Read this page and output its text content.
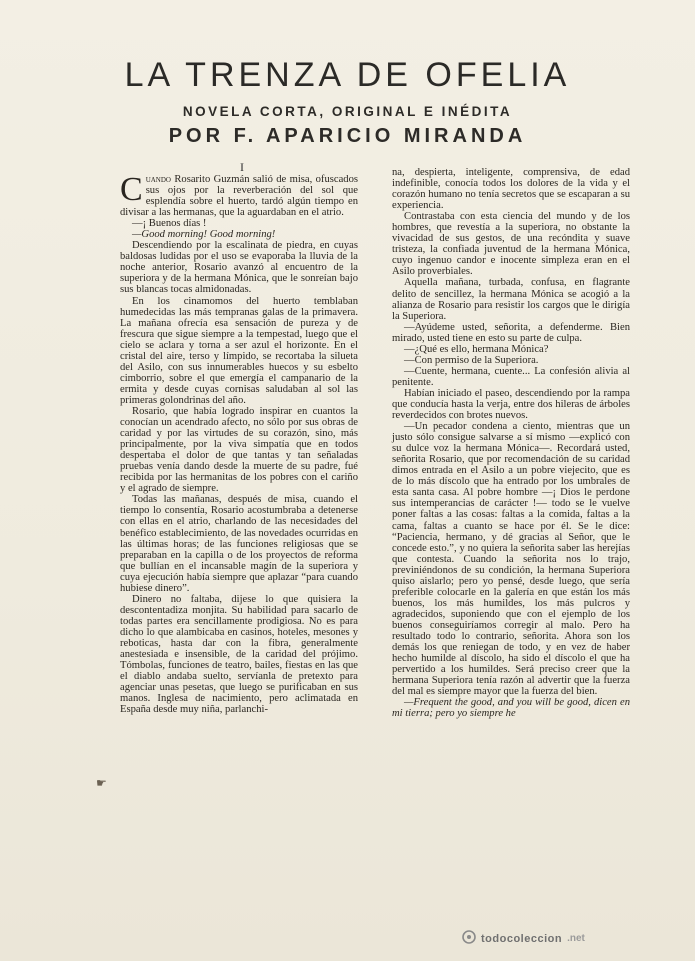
LA TRENZA DE OFELIA
NOVELA CORTA, ORIGINAL E INÉDITA
POR F. APARICIO MIRANDA
I

Cuando Rosarito Guzmán salió de misa, ofuscados sus ojos por la reverberación del sol que esplendía sobre el huerto, tardó algún tiempo en divisar a las hermanas, que la aguardaban en el atrio.

—¡ Buenos días !

—Good morning! Good morning!

Descendiendo por la escalinata de piedra, en cuyas baldosas ludidas por el uso se evaporaba la lluvia de la noche anterior, Rosario avanzó al encuentro de la superiora y de la hermana Mónica, que le sonreían bajo sus blancas tocas almidonadas.

En los cinamomos del huerto temblaban humedecidas las más tempranas galas de la primavera. La mañana ofrecía esa sensación de pureza y de frescura que sigue siempre a la tempestad, luego que el cielo se aclara y torna a ser azul el horizonte. En el cristal del aire, terso y límpido, se recortaba la silueta del Asilo, con sus innumerables huecos y su esbelto cimborrio, sobre el que emergía el campanario de la ermita y desde cuyas cornisas saludaban al sol las primeras golondrinas del año.

Rosario, que había logrado inspirar en cuantos la conocían un acendrado afecto, no sólo por sus obras de caridad y por las virtudes de su corazón, sino, más principalmente, por la viva simpatía que en todos despertaba el dolor de que tantas y tan señaladas pruebas venía dando desde la muerte de su padre, fué recibida por las hermanitas de los pobres con el cariño y el agrado de siempre.

Todas las mañanas, después de misa, cuando el tiempo lo consentía, Rosario acostumbraba a detenerse con ellas en el atrio, charlando de las necesidades del benéfico establecimiento, de las novedades ocurridas en las últimas horas; de las funciones religiosas que se preparaban en la capilla o de los proyectos de reforma que bullían en el incansable magín de la superiora y cuya ejecución había siempre que aplazar “para cuando hubiese dinero”.

Dinero no faltaba, dijese lo que quisiera la descontentadiza monjita. Su habilidad para sacarlo de todas partes era sencillamente prodigiosa. No es para dicho lo que alambicaba en casinos, hoteles, mesones y reboticas, hasta dar con la fibra, generalmente anestesiada e insensible, de la caridad del prójimo. Tómbolas, funciones de teatro, bailes, fiestas en las que el diablo andaba suelto, servíanla de pretexto para agenciar unas pesetas, que luego se purificaban en sus manos. Inglesa de nacimiento, pero aclimatada en España desde muy niña, parlanchi-

na, despierta, inteligente, comprensiva, de edad indefinible, conocía todos los dolores de la vida y el corazón humano no tenía secretos que se escaparan a su experiencia.

Contrastaba con esta ciencia del mundo y de los hombres, que revestía a la superiora, no obstante la vivacidad de sus gestos, de una recóndita y suave tristeza, la confiada juventud de la hermana Mónica, cuyo ingenuo candor e inocente simpleza eran en el Asilo proverbiales.

Aquella mañana, turbada, confusa, en flagrante delito de sencillez, la hermana Mónica se acogió a la alianza de Rosario para resistir los cargos que le dirigía la Superiora.

—Ayúdeme usted, señorita, a defenderme. Bien mirado, usted tiene en esto su parte de culpa.

—¿Qué es ello, hermana Mónica?

—Con permiso de la Superiora.

—Cuente, hermana, cuente... La confesión alivia al penitente.

Habían iniciado el paseo, descendiendo por la rampa que conducía hasta la verja, entre dos hileras de árboles reverdecidos con brotes nuevos.

—Un pecador condena a ciento, mientras que un justo sólo consigue salvarse a sí mismo —explicó con su dulce voz la hermana Mónica—. Recordará usted, señorita Rosario, que por recomendación de su caridad dimos entrada en el Asilo a un pobre viejecito, que es de lo más díscolo que ha entrado por los umbrales de esta santa casa. Al pobre hombre —¡ Dios le perdone sus intemperancias de carácter !— todo se le vuelve poner faltas a las cosas: faltas a la comida, faltas a la cama, faltas a cuanto se hace por él. Se le dice: “Paciencia, hermano, y dé gracias al Señor, que le concede esto.”, y no quiera la señorita saber las herejías que contesta. Cuando la señorita nos lo trajo, previniéndonos de su condición, la hermana Superiora quiso aislarlo; pero yo pensé, desde luego, que sería preferible colocarle en la galería en que están los más buenos, los más humildes, los más pulcros y agradecidos, suponiendo que con el ejemplo de los buenos conseguiríamos corregir al malo. Pero ha resultado todo lo contrario, señorita. Ahora son los demás los que reniegan de todo, y en vez de haber hecho humilde al díscolo, ha sido el díscolo el que ha pervertido a los humildes. Será preciso creer que la hermana Superiora tenía razón al advertir que la fuerza del mal es siempre mayor que la fuerza del bien.

—Frequent the good, and you will be good, dicen en mi tierra; pero yo siempre he

☛
todocoleccion .net
